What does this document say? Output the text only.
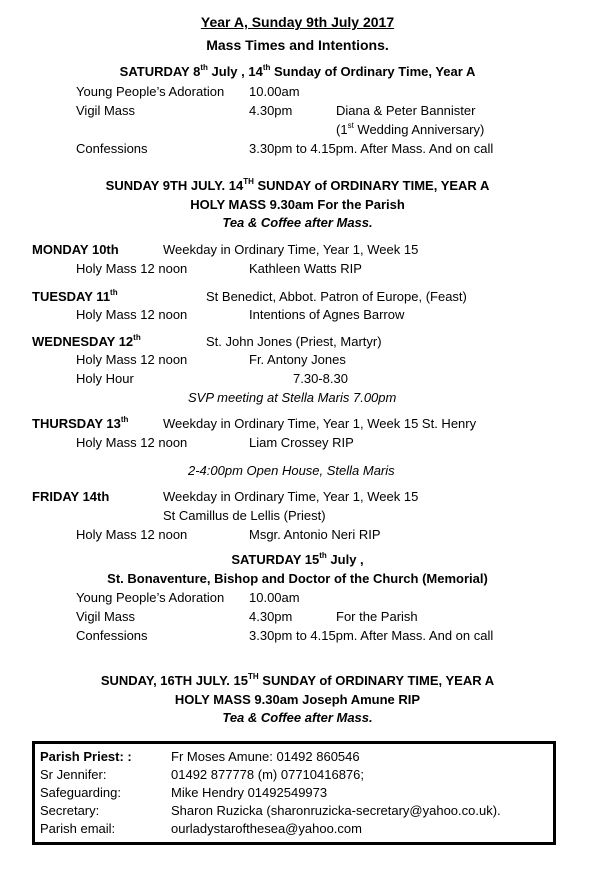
Year A, Sunday 9th July 2017
Mass Times and Intentions.
SATURDAY 8th July , 14th Sunday of Ordinary Time, Year A
Young People’s Adoration 10.00am
Vigil Mass	4.30pm	Diana & Peter Bannister
(1st Wedding Anniversary)
Confessions	3.30pm to 4.15pm. After Mass. And on call
SUNDAY 9TH JULY. 14TH SUNDAY of ORDINARY TIME, YEAR A
HOLY MASS 9.30am For the Parish
Tea & Coffee after Mass.
MONDAY 10th	Weekday in Ordinary Time, Year 1, Week 15
Holy Mass 12 noon	Kathleen Watts RIP
TUESDAY 11th	St Benedict, Abbot. Patron of Europe, (Feast)
Holy Mass 12 noon	Intentions of Agnes Barrow
WEDNESDAY 12th	St. John Jones (Priest, Martyr)
Holy Mass 12 noon	Fr. Antony Jones
Holy Hour	7.30-8.30
SVP meeting at Stella Maris 7.00pm
THURSDAY 13th	Weekday in Ordinary Time, Year 1, Week 15 St. Henry
Holy Mass 12 noon	Liam Crossey RIP
2-4:00pm Open House, Stella Maris
FRIDAY 14th	Weekday in Ordinary Time, Year 1, Week 15
St Camillus de Lellis (Priest)
Holy Mass 12 noon	Msgr. Antonio Neri RIP
SATURDAY 15th July ,
St. Bonaventure, Bishop and Doctor of the Church (Memorial)
Young People’s Adoration 10.00am
Vigil Mass	4.30pm	For the Parish
Confessions	3.30pm to 4.15pm. After Mass. And on call
SUNDAY, 16TH JULY. 15TH SUNDAY of ORDINARY TIME, YEAR A
HOLY MASS 9.30am Joseph Amune RIP
Tea & Coffee after Mass.
Parish Priest: :	Fr Moses Amune: 01492 860546
Sr Jennifer:	01492 877778 (m) 07710416876;
Safeguarding:	Mike Hendry 01492549973
Secretary:	Sharon Ruzicka (sharonruzicka-secretary@yahoo.co.uk).
Parish email:	ourladystaroftheseа@yahoo.com
